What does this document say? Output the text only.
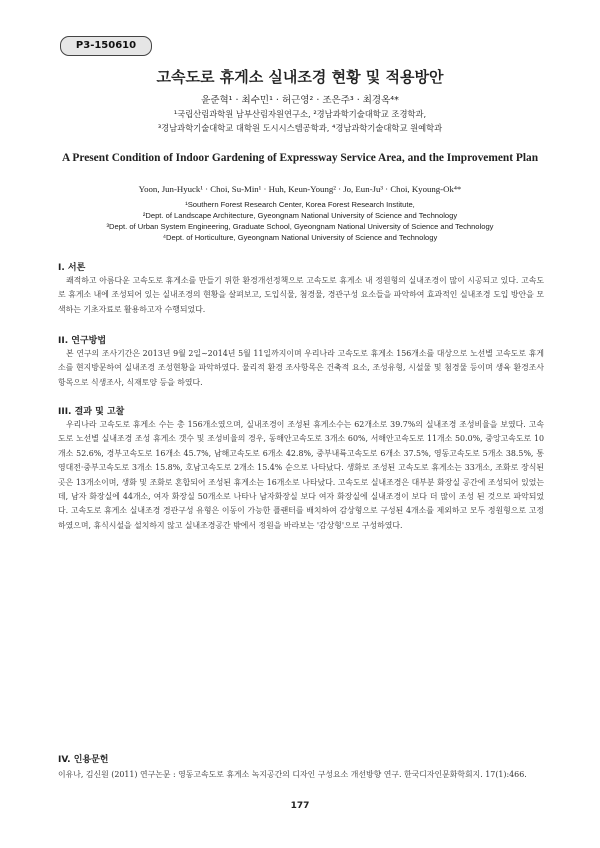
P3-150610
고속도로 휴게소 실내조경 현황 및 적용방안
윤준혁¹ · 최수민¹ · 허근영² · 조은주³ · 최경옥⁴*
¹국립산림과학원 남부산림자원연구소, ²경남과학기술대학교 조경학과,
³경남과학기술대학교 대학원 도시시스템공학과, ⁴경남과학기술대학교 원예학과
A Present Condition of Indoor Gardening of Expressway Service Area, and the Improvement Plan
Yoon, Jun-Hyuck¹ · Choi, Su-Min¹ · Huh, Keun-Young² · Jo, Eun-Ju³ · Choi, Kyoung-Ok⁴*
¹Southern Forest Research Center, Korea Forest Research Institute,
²Dept. of Landscape Architecture, Gyeongnam National University of Science and Technology
³Dept. of Urban System Engineering, Graduate School, Gyeongnam National University of Science and Technology
⁴Dept. of Horticulture, Gyeongnam National University of Science and Technology
I. 서론

쾌적하고 아름다운 고속도로 휴게소를 만들기 위한 환경개선정책으로 고속도로 휴게소 내 정원형의 실내조경이 많이 시공되고 있다. 고속도로 휴게소 내에 조성되어 있는 실내조경의 현황을 살펴보고, 도입식물, 첨경물, 경관구성 요소들을 파악하여 효과적인 실내조경 도입 방안을 모색하는 기초자료로 활용하고자 수행되었다.

II. 연구방법

본 연구의 조사기간은 2013년 9월 2일~2014년 5월 11일까지이며 우리나라 고속도로 휴게소 156개소를 대상으로 노선별 고속도로 휴게소를 현지방문하여 실내조경 조성현황을 파악하였다. 물리적 환경 조사항목은 건축적 요소, 조성유형, 시설물 및 첨경물 등이며 생육 환경조사항목으로 식생조사, 식재토양 등을 하였다.

III. 결과 및 고찰

우리나라 고속도로 휴게소 수는 총 156개소였으며, 실내조경이 조성된 휴게소수는 62개소로 39.7%의 실내조경 조성비율을 보였다. 고속도로 노선별 실내조경 조성 휴게소 갯수 및 조성비율의 경우, 동해안고속도로 3개소 60%, 서해안고속도로 11개소 50.0%, 중앙고속도로 10개소 52.6%, 경부고속도로 16개소 45.7%, 남해고속도로 6개소 42.8%, 중부내륙고속도로 6개소 37.5%, 영동고속도로 5개소 38.5%, 통영대전·중부고속도로 3개소 15.8%, 호남고속도로 2개소 15.4% 순으로 나타났다. 생화로 조성된 고속도로 휴게소는 33개소, 조화로 장식된 곳은 13개소이며, 생화 및 조화로 혼합되어 조성된 휴게소는 16개소로 나타났다. 고속도로 실내조경은 대부분 화장실 공간에 조성되어 있었는데, 남자 화장실에 44개소, 여자 화장실 50개소로 나타나 남자화장실 보다 여자 화장실에 실내조경이 보다 더 많이 조성 된 것으로 파악되었다. 고속도로 휴게소 실내조경 경관구성 유형은 이동이 가능한 플랜터를 배치하여 감상형으로 구성된 4개소를 제외하고 모두 정원형으로 고정하였으며, 휴식시설을 설치하지 않고 실내조경공간 밖에서 정원을 바라보는 '감상형'으로 구성하였다.

IV. 인용문헌
이유나, 김신원 (2011) 연구논문 : 영동고속도로 휴게소 녹지공간의 디자인 구성요소 개선방향 연구. 한국디자인문화학회지. 17(1):466.
177
